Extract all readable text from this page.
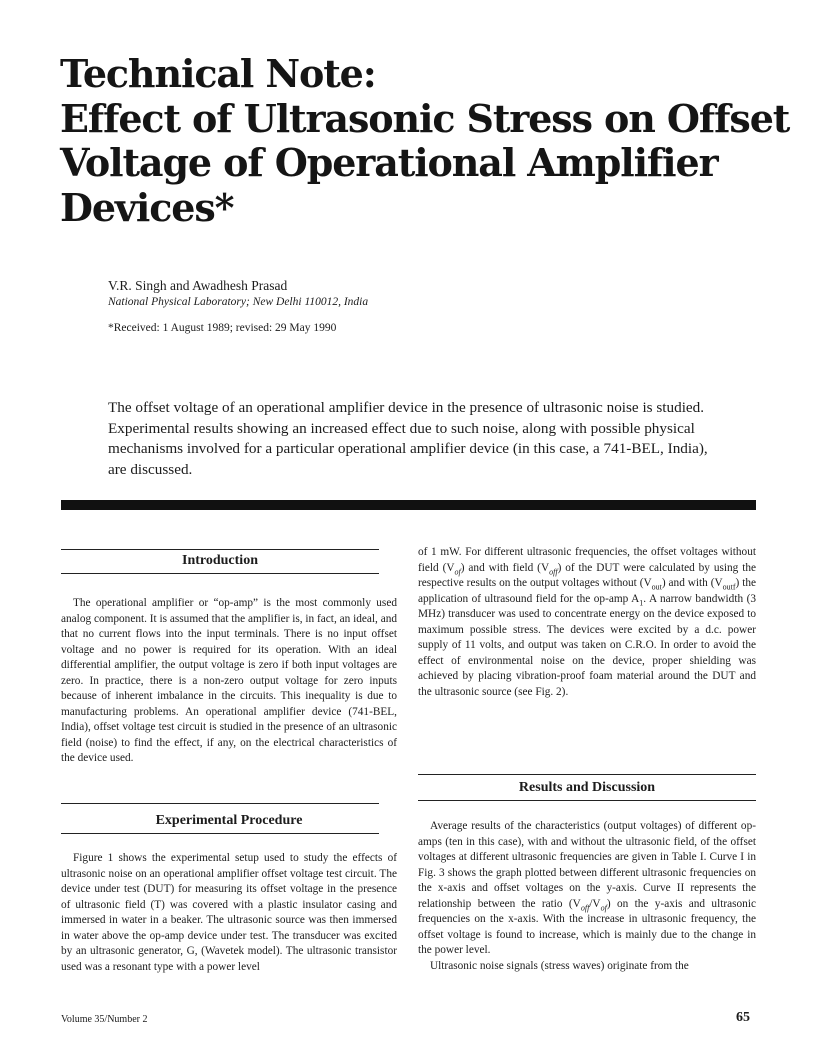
Technical Note:
Effect of Ultrasonic Stress on Offset
Voltage of Operational Amplifier
Devices*
V.R. Singh and Awadhesh Prasad
National Physical Laboratory; New Delhi 110012, India
*Received: 1 August 1989; revised: 29 May 1990

The offset voltage of an operational amplifier device in the presence of ultrasonic noise is studied. Experimental results showing an increased effect due to such noise, along with possible physical mechanisms involved for a particular operational amplifier device (in this case, a 741-BEL, India), are discussed.

Introduction

The operational amplifier or “op-amp” is the most commonly used analog component. It is assumed that the amplifier is, in fact, an ideal, and that no current flows into the input terminals. There is no input offset voltage and no power is required for its operation. With an ideal differential amplifier, the output voltage is zero if both input voltages are zero. In practice, there is a non-zero output voltage for zero inputs because of inherent imbalance in the circuits. This inequality is due to manufacturing problems. An operational amplifier device (741-BEL, India), offset voltage test circuit is studied in the presence of an ultrasonic field (noise) to find the effect, if any, on the electrical characteristics of the device used.

Experimental Procedure

Figure 1 shows the experimental setup used to study the effects of ultrasonic noise on an operational amplifier offset voltage test circuit. The device under test (DUT) for measuring its offset voltage in the presence of ultrasonic field (T) was covered with a plastic insulator casing and immersed in water in a beaker. The ultrasonic source was then immersed in water above the op-amp device under test. The transducer was excited by an ultrasonic generator, G, (Wavetek model). The ultrasonic transistor used was a resonant type with a power level

of 1 mW. For different ultrasonic frequencies, the offset voltages without field $(V_{of})$ and with field $(V_{off})$ of the DUT were calculated by using the respective results on the output voltages without $(V_{out})$ and with $(V_{outf})$ the application of ultrasound field for the op-amp $A_1$. A narrow bandwidth (3 MHz) transducer was used to concentrate energy on the device exposed to maximum possible stress. The devices were excited by a d.c. power supply of 11 volts, and output was taken on C.R.O. In order to avoid the effect of environmental noise on the device, proper shielding was achieved by placing vibration-proof foam material around the DUT and the ultrasonic source (see Fig. 2).

Results and Discussion

Average results of the characteristics (output voltages) of different op-amps (ten in this case), with and without the ultrasonic field, of the offset voltages at different ultrasonic frequencies are given in Table I. Curve I in Fig. 3 shows the graph plotted between different ultrasonic frequencies on the x-axis and offset voltages on the y-axis. Curve II represents the relationship between the ratio $(V_{off}/V_{of})$ on the y-axis and ultrasonic frequencies on the x-axis. With the increase in ultrasonic frequency, the offset voltage is found to increase, which is mainly due to the change in the power level.

Ultrasonic noise signals (stress waves) originate from the

Volume 35/Number 2	65
